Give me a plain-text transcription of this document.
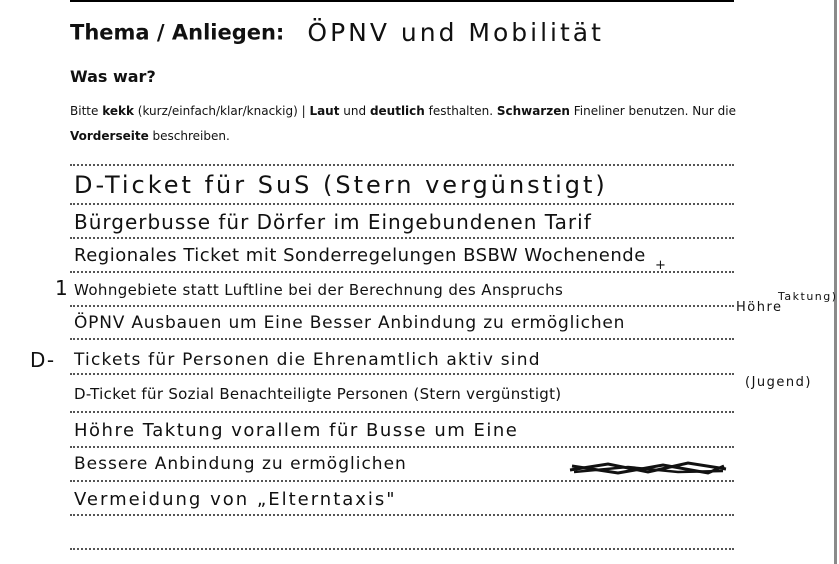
Thema / Anliegen: ÖPNV und Mobilität
Was war?
Bitte kekk (kurz/einfach/klar/knackig) | Laut und deutlich festhalten. Schwarzen Fineliner benutzen. Nur die Vorderseite beschreiben.
D-Ticket für SuS (Stern vergünstigt)
Bürgerbusse für Dörfer im Eingebundenen Tarif
Regionales Ticket mit Sonderregelungen BSBW Wochenende
Wohngebiete statt Luftline bei der Berechnung des Anspruchs
ÖPNV Ausbauen um Eine Besser Anbindung zu ermöglichen
Tickets für Personen die Ehrenamtlich aktiv sind
D-Ticket für Sozial Benachteiligte Personen (Stern vergünstigt)
Höhre Taktung vorallem für Busse um Eine
Bessere Anbindung zu ermöglichen
Vermeidung von „Elterntaxis"
1
D-
Höhre
Taktung)
(Jugend)
+
